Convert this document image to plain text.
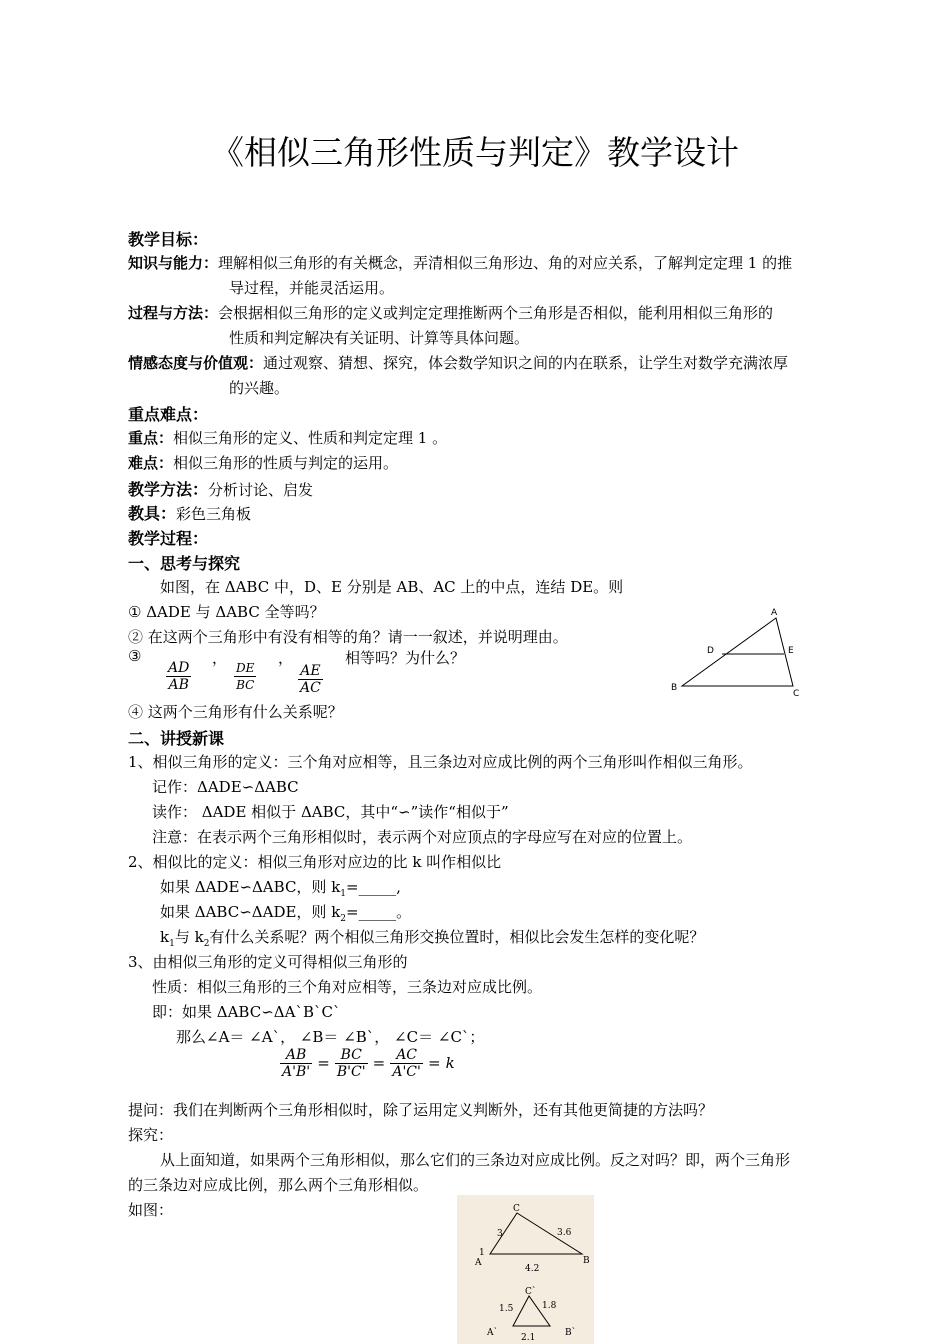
《相似三角形性质与判定》教学设计
教学目标：
知识与能力：理解相似三角形的有关概念，弄清相似三角形边、角的对应关系，了解判定定理 1 的推
导过程，并能灵活运用。
过程与方法：会根据相似三角形的定义或判定定理推断两个三角形是否相似，能利用相似三角形的
性质和判定解决有关证明、计算等具体问题。
情感态度与价值观：通过观察、猜想、探究，体会数学知识之间的内在联系，让学生对数学充满浓厚
的兴趣。
重点难点：
重点：相似三角形的定义、性质和判定定理 1 。
难点：相似三角形的性质与判定的运用。
教学方法：分析讨论、启发
教具：彩色三角板
教学过程：
一、思考与探究
如图，在 ΔABC 中，D、E 分别是 AB、AC 上的中点，连结 DE。则
① ΔADE 与 ΔABC 全等吗？
② 在这两个三角形中有没有相等的角？请一一叙述，并说明理由。
③
$\frac{AD}{AB}$
，
$\frac{DE}{BC}$
，
$\frac{AE}{AC}$
相等吗？为什么？
④ 这两个三角形有什么关系呢？
A
D	E
B
C
二、讲授新课
1、相似三角形的定义：三个角对应相等，且三条边对应成比例的两个三角形叫作相似三角形。
记作：ΔADE∽ΔABC
读作： ΔADE 相似于 ΔABC，其中“∽”读作“相似于”
注意：在表示两个三角形相似时，表示两个对应顶点的字母应写在对应的位置上。
2、相似比的定义：相似三角形对应边的比 k 叫作相似比
如果 ΔADE∽ΔABC，则 $k_1=\_\_\_\_\_$,
如果 ΔABC∽ΔADE，则 $k_2=\_\_\_\_\_$。
$k_1$与 $k_2$有什么关系呢？两个相似三角形交换位置时，相似比会发生怎样的变化呢？
3、由相似三角形的定义可得相似三角形的
性质：相似三角形的三个角对应相等，三条边对应成比例。
即：如果 ΔABC∽ΔA`B`C`
那么∠A＝ ∠A`， ∠B＝ ∠B`， ∠C＝ ∠C`；
$\frac{AB}{A'B'} = \frac{BC}{B'C'} = \frac{AC}{A'C'} = k$
提问：我们在判断两个三角形相似时，除了运用定义判断外，还有其他更简捷的方法吗？
探究：
从上面知道，如果两个三角形相似，那么它们的三条边对应成比例。反之对吗？即，两个三角形
的三条边对应成比例，那么两个三角形相似。
如图：	C
3	3.6
1
A	B
4.2
C`
1.5	1.8
A`	B`
2.1
